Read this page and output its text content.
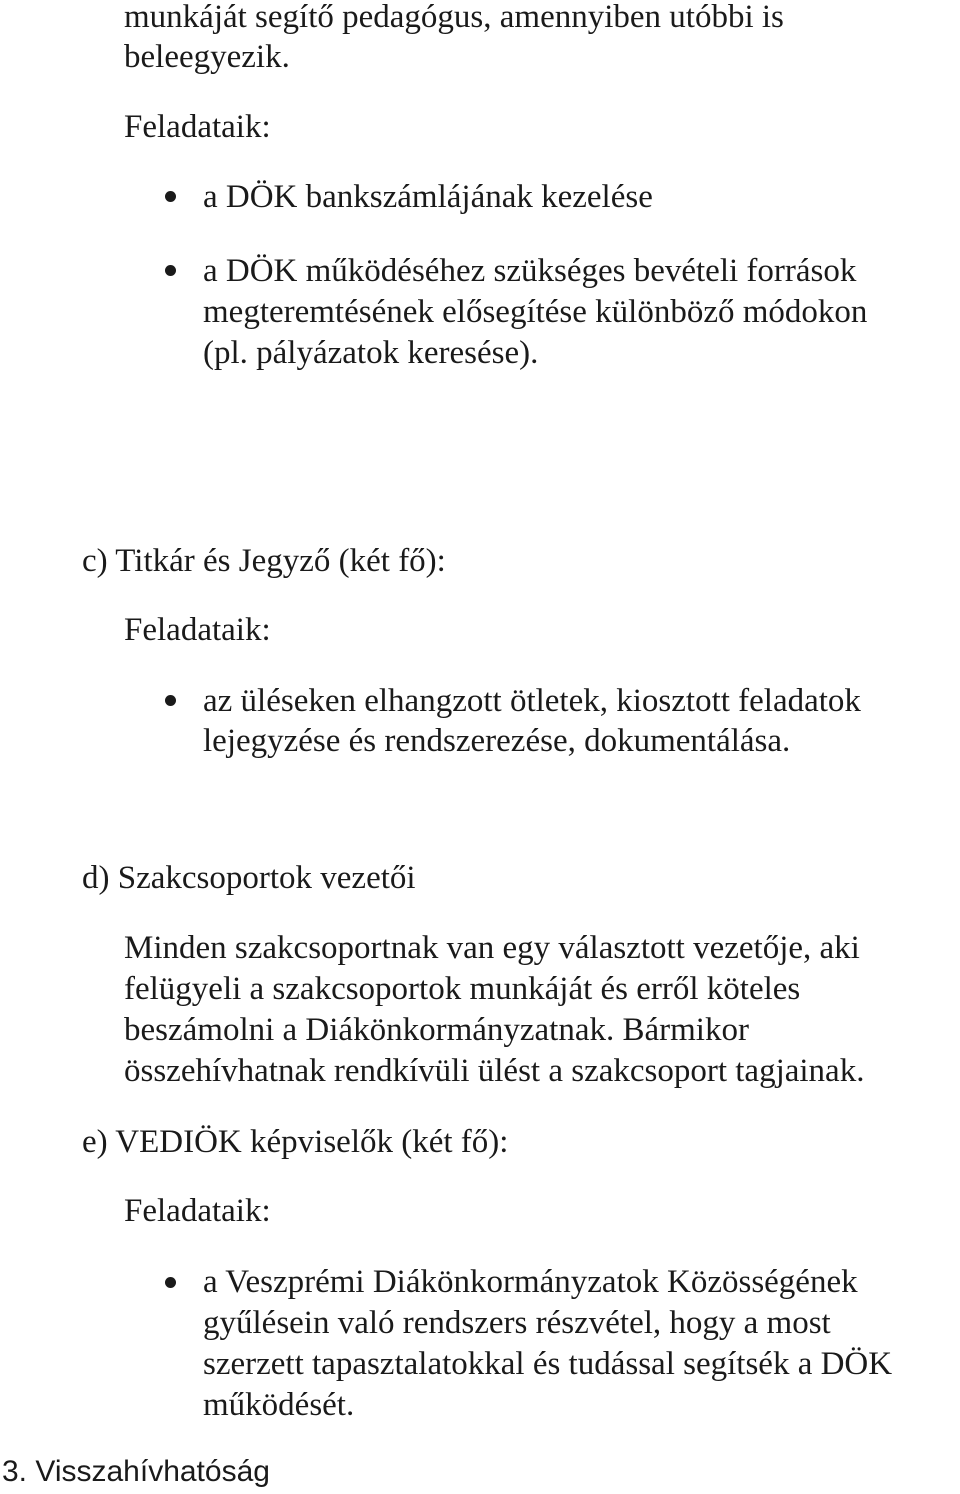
munkáját segítő pedagógus, amennyiben utóbbi is
beleegyezik.
Feladataik:
a DÖK bankszámlájának kezelése
a DÖK működéséhez szükséges bevételi források
megteremtésének elősegítése különböző módokon
(pl. pályázatok keresése).
c) Titkár és Jegyző (két fő):
Feladataik:
az üléseken elhangzott ötletek, kiosztott feladatok
lejegyzése és rendszerezése, dokumentálása.
d) Szakcsoportok vezetői
Minden szakcsoportnak van egy választott vezetője, aki
felügyeli a szakcsoportok munkáját és erről köteles
beszámolni a Diákönkormányzatnak. Bármikor
összehívhatnak rendkívüli ülést a szakcsoport tagjainak.
e) VEDIÖK képviselők (két fő):
Feladataik:
a Veszprémi Diákönkormányzatok Közösségének
gyűlésein való rendszers részvétel, hogy a most
szerzett tapasztalatokkal és tudással segítsék a DÖK
működését.
3. Visszahívhatóság
